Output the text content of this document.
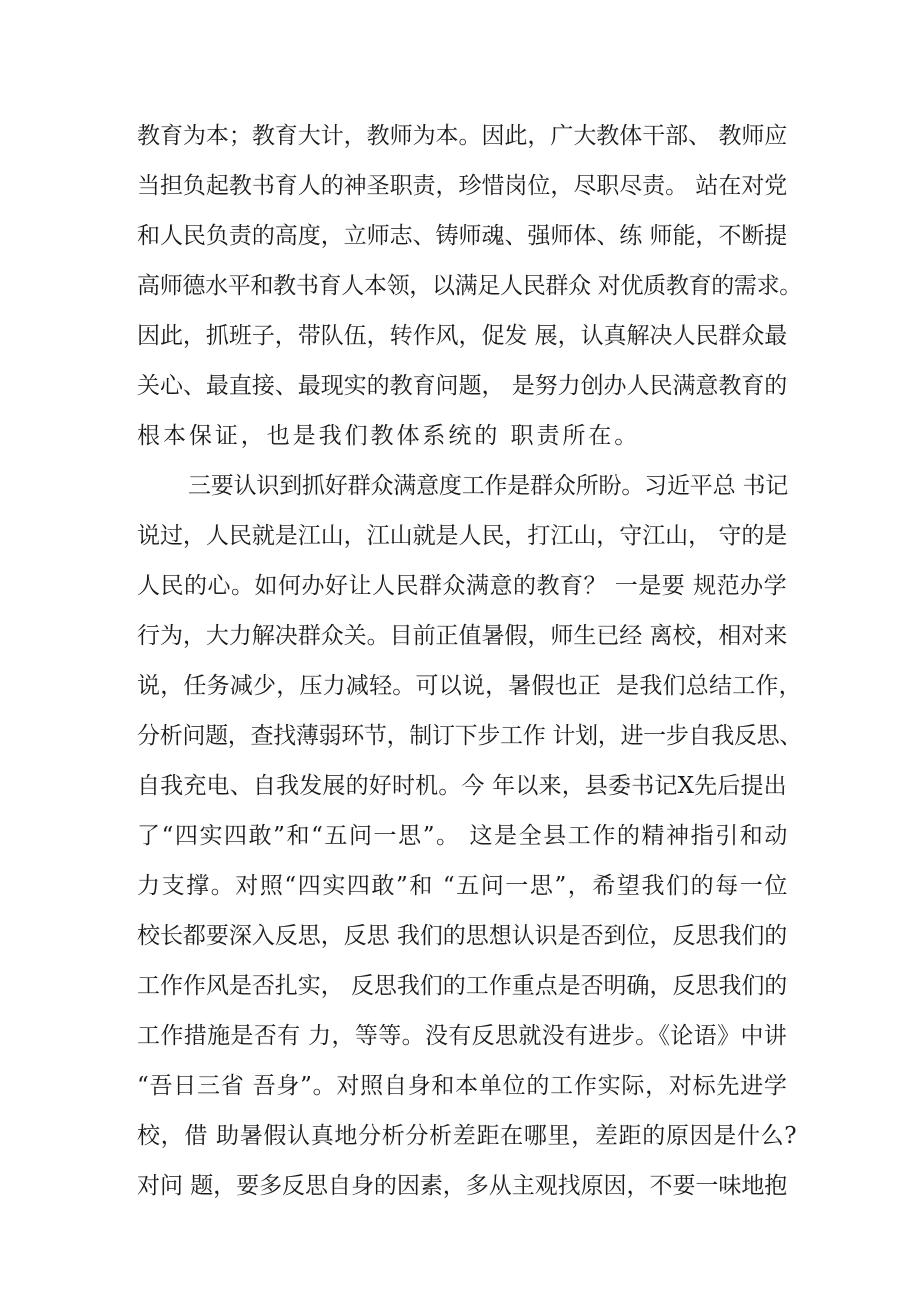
教育为本；教育大计，教师为本。因此，广大教体干部、 教师应
当担负起教书育人的神圣职责，珍惜岗位，尽职尽责。 站在对党
和人民负责的高度，立师志、铸师魂、强师体、练 师能，不断提
高师德水平和教书育人本领，以满足人民群众 对优质教育的需求。
因此，抓班子，带队伍，转作风，促发 展，认真解决人民群众最
关心、最直接、最现实的教育问题， 是努力创办人民满意教育的
根本保证，也是我们教体系统的 职责所在。
三要认识到抓好群众满意度工作是群众所盼。习近平总 书记
说过，人民就是江山，江山就是人民，打江山，守江山， 守的是
人民的心。如何办好让人民群众满意的教育？ 一是要 规范办学
行为，大力解决群众关。目前正值暑假，师生已经 离校，相对来
说，任务减少，压力减轻。可以说，暑假也正  是我们总结工作，
分析问题，查找薄弱环节，制订下步工作 计划，进一步自我反思、
自我充电、自我发展的好时机。今 年以来，县委书记X先后提出
了“四实四敢”和“五问一思”。 这是全县工作的精神指引和动
力支撑。对照“四实四敢”和 “五问一思”，希望我们的每一位
校长都要深入反思，反思 我们的思想认识是否到位，反思我们的
工作作风是否扎实， 反思我们的工作重点是否明确，反思我们的
工作措施是否有 力，等等。没有反思就没有进步。《论语》中讲
“吾日三省 吾身”。对照自身和本单位的工作实际，对标先进学
校，借 助暑假认真地分析分析差距在哪里，差距的原因是什么?
对问 题，要多反思自身的因素，多从主观找原因，不要一味地抱
